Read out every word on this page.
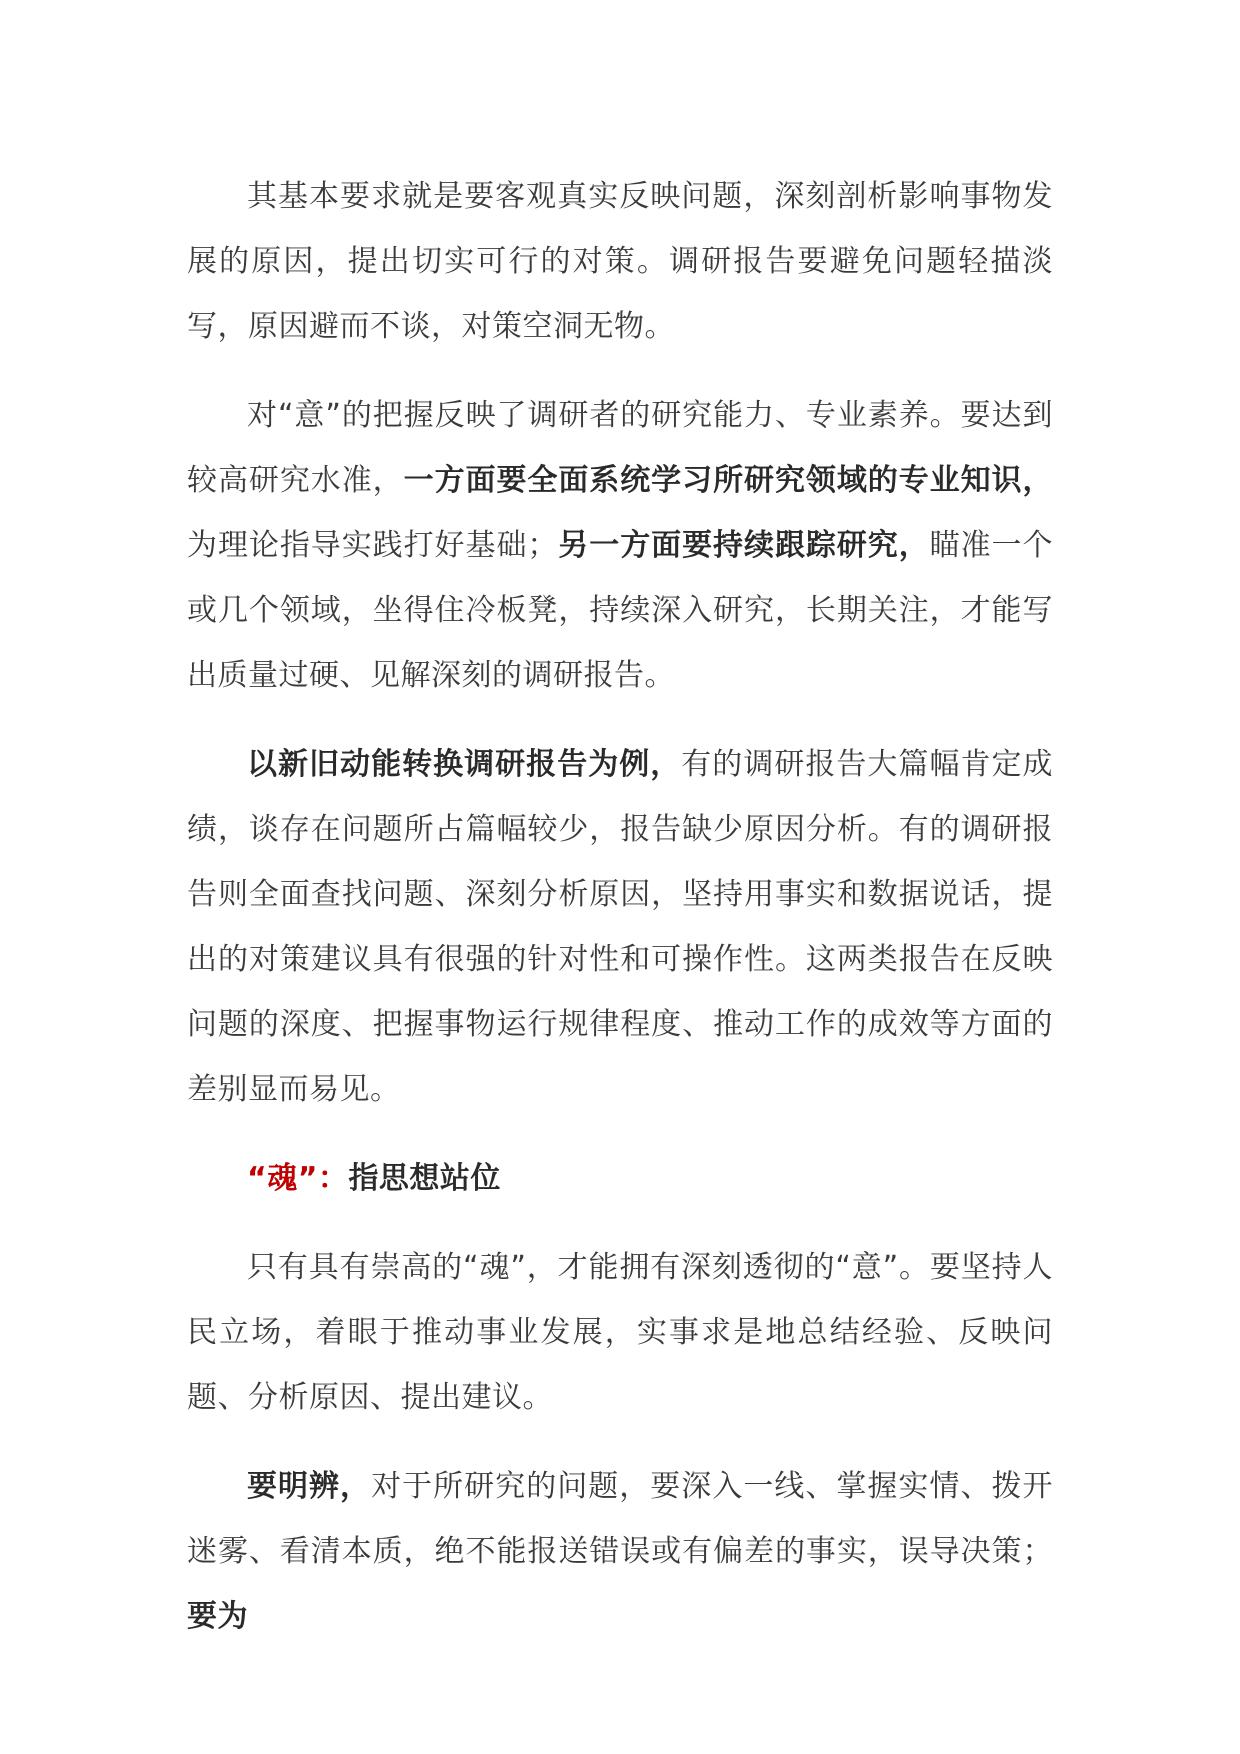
其基本要求就是要客观真实反映问题，深刻剖析影响事物发展的原因，提出切实可行的对策。调研报告要避免问题轻描淡写，原因避而不谈，对策空洞无物。

对“意”的把握反映了调研者的研究能力、专业素养。要达到较高研究水准，一方面要全面系统学习所研究领域的专业知识，为理论指导实践打好基础；另一方面要持续跟踪研究，瞄准一个或几个领域，坐得住冷板凳，持续深入研究，长期关注，才能写出质量过硬、见解深刻的调研报告。

以新旧动能转换调研报告为例，有的调研报告大篇幅肯定成绩，谈存在问题所占篇幅较少，报告缺少原因分析。有的调研报告则全面查找问题、深刻分析原因，坚持用事实和数据说话，提出的对策建议具有很强的针对性和可操作性。这两类报告在反映问题的深度、把握事物运行规律程度、推动工作的成效等方面的差别显而易见。

“魂”：指思想站位

只有具有崇高的“魂”，才能拥有深刻透彻的“意”。要坚持人民立场，着眼于推动事业发展，实事求是地总结经验、反映问题、分析原因、提出建议。

要明辨，对于所研究的问题，要深入一线、掌握实情、拨开迷雾、看清本质，绝不能报送错误或有偏差的事实，误导决策；要为
